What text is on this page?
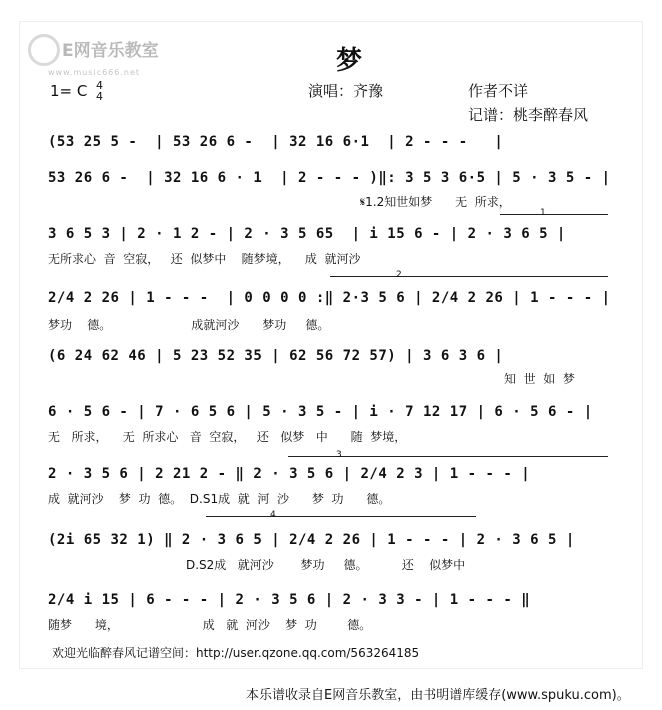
E网音乐教室
www.music666.net	梦
1= C 4
4	演唱：齐豫	作者不详
记谱：桃李醉春风
(53 25 5 -  | 53 26 6 -  | 32 16 6·1  | 2 - - -   |
53 26 6 -  | 32 16 6 · 1  | 2 - - - )‖: 3 5 3 6·5 | 5 · 3 5 - |
𝄋1.2知世如梦      无  所求，
1
3 6 5 3 | 2 · 1 2 - | 2 · 3 5 65  | i 15 6 - | 2 · 3 6 5 |
无所求心  音  空寂，   还  似梦中    随梦境，    成  就河沙
2
2/4 2 26 | 1 - - -  | 0 0 0 0 :‖ 2·3 5 6 | 2/4 2 26 | 1 - - - |
梦功    德。                     成就河沙      梦功     德。
(6 24 62 46 | 5 23 52 35 | 62 56 72 57) | 3 6 3 6 |
知  世  如  梦
6 · 5 6 - | 7 · 6 5 6 | 5 · 3 5 - | i · 7 12 17 | 6 · 5 6 - |
无   所求，    无  所求心   音  空寂，   还   似梦   中      随  梦境，
3
2 · 3 5 6 | 2 21 2 - ‖ 2 · 3 5 6 | 2/4 2 3 | 1 - - - |
成  就河沙    梦  功  德。  D.S1成  就  河  沙      梦  功      德。
4
(2i 65 32 1) ‖ 2 · 3 6 5 | 2/4 2 26 | 1 - - - | 2 · 3 6 5 |
D.S2成   就河沙       梦功     德。         还    似梦中
2/4 i 15 | 6 - - - | 2 · 3 5 6 | 2 · 3 3 - | 1 - - - ‖
随梦      境，                      成   就  河沙    梦  功        德。
欢迎光临醉春风记谱空间：http://user.qzone.qq.com/563264185
本乐谱收录自E网音乐教室，由书明谱库缓存(www.spuku.com)。
